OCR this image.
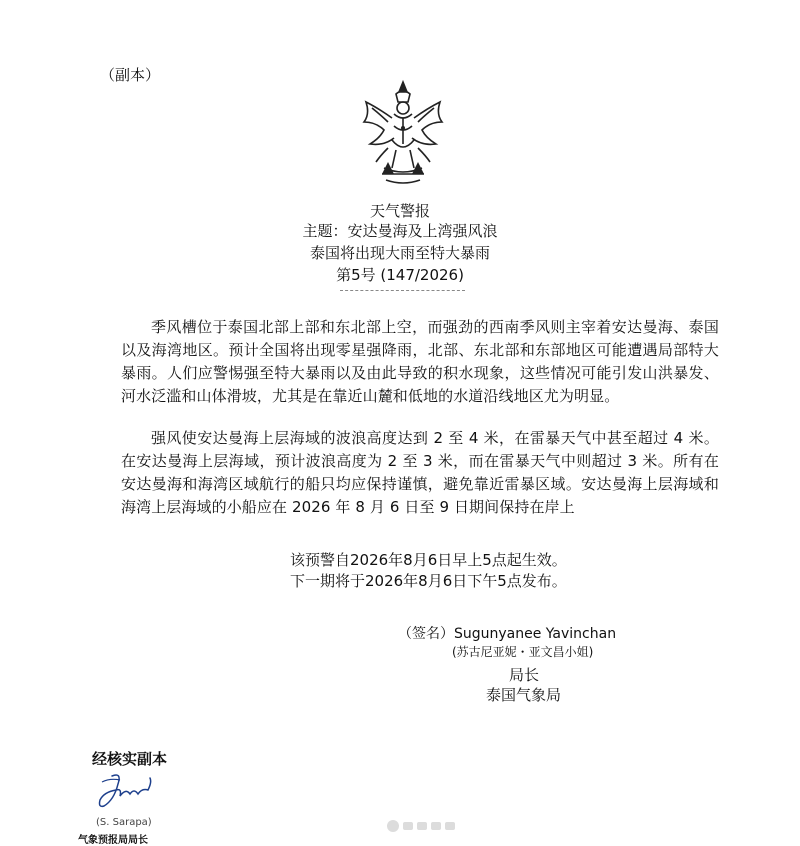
（副本）
天气警报
主题：安达曼海及上湾强风浪
泰国将出现大雨至特大暴雨
第5号 (147/2026)
季风槽位于泰国北部上部和东北部上空，而强劲的西南季风则主宰着安达曼海、泰国以及海湾地区。预计全国将出现零星强降雨，北部、东北部和东部地区可能遭遇局部特大暴雨。人们应警惕强至特大暴雨以及由此导致的积水现象，这些情况可能引发山洪暴发、河水泛滥和山体滑坡，尤其是在靠近山麓和低地的水道沿线地区尤为明显。
强风使安达曼海上层海域的波浪高度达到 2 至 4 米，在雷暴天气中甚至超过 4 米。在安达曼海上层海域，预计波浪高度为 2 至 3 米，而在雷暴天气中则超过 3 米。所有在安达曼海和海湾区域航行的船只均应保持谨慎，避免靠近雷暴区域。安达曼海上层海域和海湾上层海域的小船应在 2026 年 8 月 6 日至 9 日期间保持在岸上
该预警自2026年8月6日早上5点起生效。
下一期将于2026年8月6日下午5点发布。
（签名）Sugunyanee Yavinchan
(苏古尼亚妮・亚文昌小姐)
局长
泰国气象局
经核实副本
(S. Sarapa)
气象预报局局长
